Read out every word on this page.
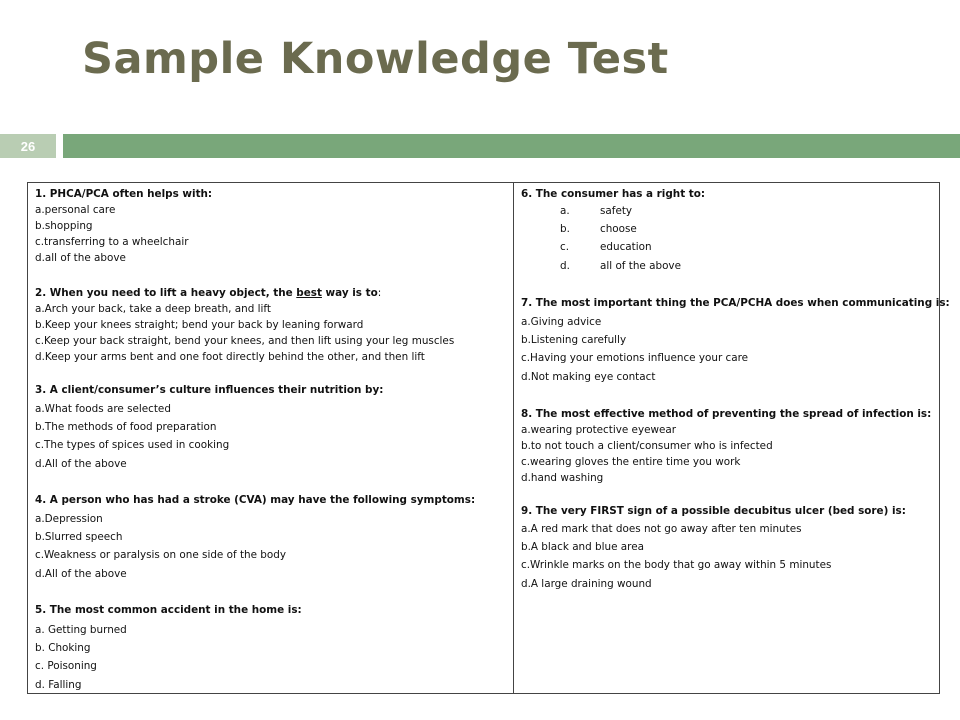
Sample Knowledge Test
26
1. PHCA/PCA often helps with:
a.personal care
b.shopping
c.transferring to a wheelchair
d.all of the above
2. When you need to lift a heavy object, the best way is to:
a.Arch your back, take a deep breath, and lift
b.Keep your knees straight; bend your back by leaning forward
c.Keep your back straight, bend your knees, and then lift using your leg muscles
d.Keep your arms bent and one foot directly behind the other, and then lift
3. A client/consumer’s culture influences their nutrition by:
a.What foods are selected
b.The methods of food preparation
c.The types of spices used in cooking
d.All of the above
4. A person who has had a stroke (CVA) may have the following symptoms:
a.Depression
b.Slurred speech
c.Weakness or paralysis on one side of the body
d.All of the above
5. The most common accident in the home is:
a. Getting burned
b. Choking
c. Poisoning
d. Falling
6. The consumer has a right to:
a.	safety
b.	choose
c.	education
d.	all of the above
7. The most important thing the PCA/PCHA does when communicating is:
a.Giving advice
b.Listening carefully
c.Having your emotions influence your care
d.Not making eye contact
8. The most effective method of preventing the spread of infection is:
a.wearing protective eyewear
b.to not touch a client/consumer who is infected
c.wearing gloves the entire time you work
d.hand washing
9. The very FIRST sign of a possible decubitus ulcer (bed sore) is:
a.A red mark that does not go away after ten minutes
b.A black and blue area
c.Wrinkle marks on the body that go away within 5 minutes
d.A large draining wound
